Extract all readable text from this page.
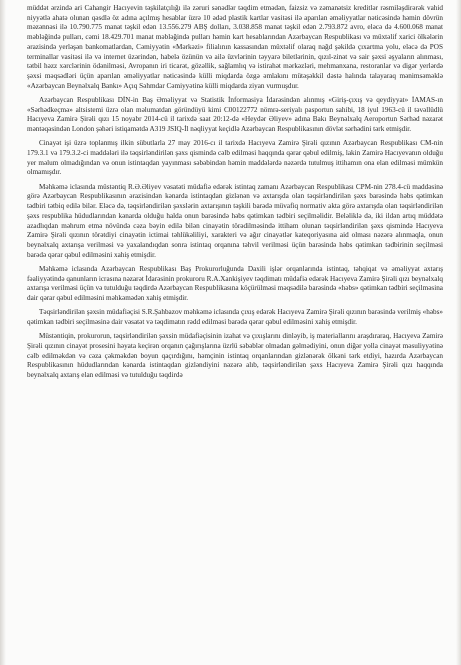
müddət ərzində ari Cahangir Hacıyevin təşkilatçılığı ilə zəruri sənədlər təqdim etmədən, faizsiz və zəmanətsiz kreditlər rəsmiləşdirərək vahid niyyətlə ahatə olunan qəsdlə öz adına açılmış hesablar üzrə 10 ədəd plastik kartlar vasitəsi ilə aparılan əməliyyatlar nəticəsində həmin dövrün məzənnəsi ilə 10.790.775 manat təşkil edən 13.556.279 ABŞ dolları, 3.038.858 manat təşkil edən 2.793.872 avro, eləcə də 4.600.068 manat məbləğində pulları, cəmi 18.429.701 manat məbləğində pulları həmin kart hesablarından Azərbaycan Respublikası və müxtəlif xarici ölkələrin ərazisində yerləşən bankomatlardan, Cəmiyyətin «Mərkəzi» filialının kassasından müxtəlif olaraq nağd şəkildə çıxartma yolu, eləcə də POS terminallar vasitəsi ilə və internet üzərindən, habelə özünün və ailə üzvlərinin təyyarə biletlərinin, qızıl-zinət və sair şəxsi əşyaların alınması, tətbil həzz xərclərinin ödənilməsi, Avropanın iri ticarət, gözəllik, sağlamlıq və istirahət mərkəzləri, mehmanxana, restoranlar və digər yerlərdə şəxsi məqsədləri üçün aparılan əməliyyatlar nəticəsində külli miqdarda özgə əmlakını mütəşəkkil dəstə halında talayaraq mənimsəməklə «Azərbaycan Beynəlxalq Bankı» Açıq Səhmdar Cəmiyyətinə külli miqdarda ziyan vurmuşdur.

Azərbaycan Respublikası DİN-in Baş Əməliyyat və Statistik İnformasiya İdarəsindən alınmış «Giriş-çıxış və qeydiyyat» İAMAS-ın «Sərhədkeçmə» altsistemi üzrə olan məlumatdan göründüyü kimi C00122772 nömrə-seriyalı pasportun sahibi, 18 iyul 1963-cü il təvəllüdlü Hacıyeva Zamirə Şirəli qızı 15 noyabr 2014-cü il tarixdə saat 20:12-də «Heydər Əliyev» adına Bakı Beynəlxalq Aeroportun Sərhəd nəzarət məntəqəsindən London şəhəri istiqamətdə A319 JSIQ-İl nəqliyyat keçidlə Azərbaycan Respublikasının dövlət sərhədini tərk etmişdir.

Cinayət işi üzrə toplanmış ilkin sübutlarla 27 may 2016-cı il tarixdə Hacıyeva Zamirə Şirəli qızının Azərbaycan Respublikası CM-nin 179.3.1 və 179.3.2-ci maddələri ilə təqsirləndirilən şəxs qismində cəlb edilməsi haqqında qərar qəbul edilmiş, lakin Zamirə Hacıyevanın olduğu yer məlum olmadığından və onun istintaqdan yayınması səbəbindən həmin maddələrdə nəzərdə tutulmuş ittihamın ona elan edilməsi mümkün olmamışdır.

Məhkəmə iclasında müstəntiq R.Ə.Əliyev vəsatəti müdafiə edərək istintaq zamanı Azərbaycan Respublikası CPM-nin 278.4-cü maddəsinə görə Azərbaycan Respublikasının ərazisindən kənarda istintaqdan gizlənən və axtarışda olan təqsirləndirilən şəxs barəsində həbs qətimkan tədbiri tətbiq edilə bilər. Eləcə də, təqsirləndirilən şəxslərin axtarışının təşkili barədə müvafiq normativ akta görə axtarışda olan təqsirləndirilən şəxs respublika hüdudlarından kənarda olduğu halda onun barəsində həbs qətimkan tədbiri seçilməlidir. Beləliklə də, iki ildən artıq müddətə azadlıqdan məhrum etmə növündə cəza bəyin edilə bilən cinayətin törədilməsində ittiham olunan təqsirləndirilən şəxs qismində Hacıyeva Zamirə Şirəli qızının törətdiyi cinayətin ictimai təhlükəliliyi, xarakteri və ağır cinayətlər kateqoriyasına aid olması nəzərə alınmaqla, onun beynəlxalq axtarışa verilməsi və yaxalandıqdan sonra istintaq orqanına təhvil verilməsi üçün barəsində həbs qətimkan tədbirinin seçilməsi barədə qərar qəbul edilməsini xahiş etmişdir.

Məhkəmə iclasında Azərbaycan Respublikası Baş Prokurorluğunda Daxili işlər orqanlarında istintaq, təhqiqat və əməliyyat axtarış fəaliyyətində qanunların icrasına nəzarət İdarəsinin prokuroru R.A.Xankişiyev təqdimatı müdafiə edərək Hacıyeva Zamirə Şirəli qızı beynəlxalq axtarışa verilməsi üçün və tutulduğu təqdirdə Azərbaycan Respublikasına köçürülməsi məqsədilə barəsində «həbs» qətimkan tədbiri seçilməsina dair qərar qəbul edilməsini məhkəmədən xahiş etmişdir.

Təqsirləndirilən şəxsin müdafiəçisi S.R.Şahbazov məhkəmə iclasında çıxış edərək Hacıyeva Zamirə Şirəli qızının barəsində verilmiş «həbs» qətimkan tədbiri seçilməsinə dair vəsatət və təqdimatın rədd edilməsi barədə qərar qəbul edilməsini xahiş etmişdir.

Müstəntiqin, prokurorun, təqsirləndirilən şəxsin müdafiəçisinin izahat və çıxışlarını dinləyib, iş materiallarını araşdıraraq, Hacıyeva Zamirə Şirəli qızının cinayət prosesini həyata keçirən orqanın çağırışlarına üzrlü səbəblər olmadan gəlmədiyini, onun diğər yolla cinayət məsuliyyətinə cəlb edilməkdən və cəza çəkməkdən boyun qaçırdığını, həmçinin istintaq orqanlarından gizlənərək ölkəni tərk etdiyi, hazırda Azərbaycan Respublikasının hüdudlarından kənarda istintaqdan gizləndiyini nəzərə alıb, təqsirləndirilən şəxs Hacıyeva Zamirə Şirəli qızı haqqında beynəlxalq axtarış elan edilməsi və tutulduğu təqdirdə
